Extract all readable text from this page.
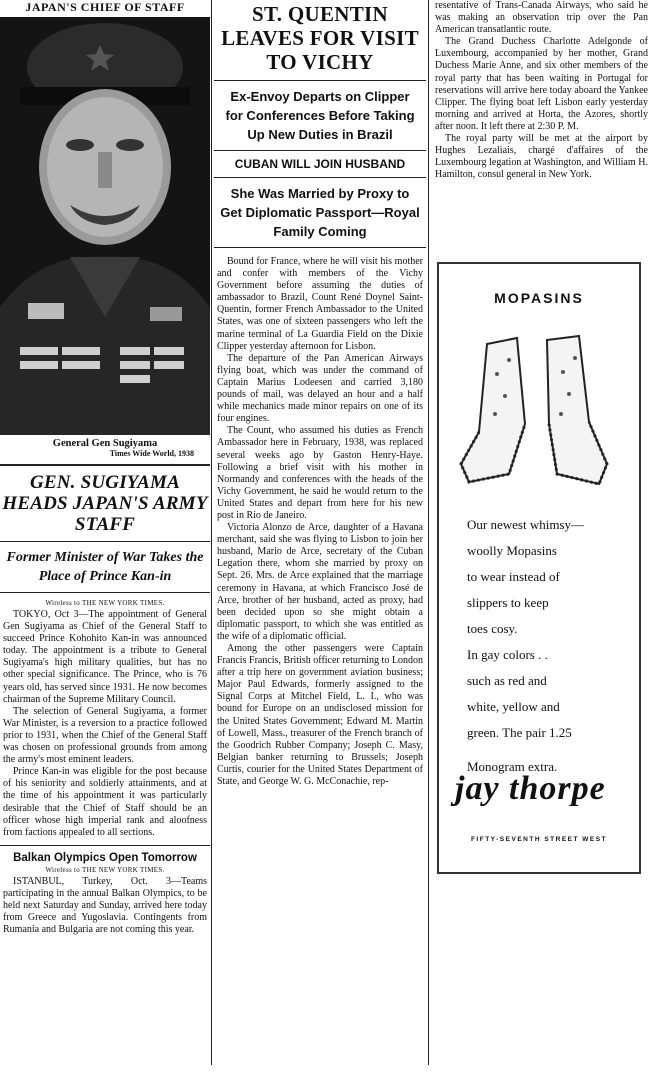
JAPAN'S CHIEF OF STAFF
General Gen Sugiyama
Times Wide World, 1938
GEN. SUGIYAMA HEADS JAPAN'S ARMY STAFF
Former Minister of War Takes the Place of Prince Kan-in
Wireless to THE NEW YORK TIMES.

TOKYO, Oct 3—The appointment of General Gen Sugiyama as Chief of the General Staff to succeed Prince Kohohito Kan-in was announced today. The appointment is a tribute to General Sugiyama's high military qualities, but has no other special significance. The Prince, who is 76 years old, has served since 1931. He now becomes chairman of the Supreme Military Council.

The selection of General Sugiyama, a former War Minister, is a reversion to a practice followed prior to 1931, when the Chief of the General Staff was chosen on professional grounds from among the army's most eminent leaders.

Prince Kan-in was eligible for the post because of his seniority and soldierly attainments, and at the time of his appointment it was particularly desirable that the Chief of Staff should be an officer whose high imperial rank and aloofness from factions appealed to all sections.

Balkan Olympics Open Tomorrow
Wireless to THE NEW YORK TIMES.

ISTANBUL, Turkey, Oct. 3—Teams participating in the annual Balkan Olympics, to be held next Saturday and Sunday, arrived here today from Greece and Yugoslavia. Contingents from Rumania and Bulgaria are not coming this year.

ST. QUENTIN LEAVES FOR VISIT TO VICHY
Ex-Envoy Departs on Clipper for Conferences Before Taking Up New Duties in Brazil
CUBAN WILL JOIN HUSBAND
She Was Married by Proxy to Get Diplomatic Passport—Royal Family Coming

Bound for France, where he will visit his mother and confer with members of the Vichy Government before assuming the duties of ambassador to Brazil, Count René Doynel Saint-Quentin, former French Ambassador to the United States, was one of sixteen passengers who left the marine terminal of La Guardia Field on the Dixie Clipper yesterday afternoon for Lisbon.

The departure of the Pan American Airways flying boat, which was under the command of Captain Marius Lodeesen and carried 3,180 pounds of mail, was delayed an hour and a half while mechanics made minor repairs on one of its four engines.

The Count, who assumed his duties as French Ambassador here in February, 1938, was replaced several weeks ago by Gaston Henry-Haye. Following a brief visit with his mother in Normandy and conferences with the heads of the Vichy Government, he said he would return to the United States and depart from here for his new post in Rio de Janeiro.

Victoria Alonzo de Arce, daughter of a Havana merchant, said she was flying to Lisbon to join her husband, Mario de Arce, secretary of the Cuban Legation there, whom she married by proxy on Sept. 26. Mrs. de Arce explained that the marriage ceremony in Havana, at which Francisco José de Arce, brother of her husband, acted as proxy, had been decided upon so she might obtain a diplomatic passport, to which she was entitled as the wife of a diplomatic official.

Among the other passengers were Captain Francis Francis, British officer returning to London after a trip here on government aviation business; Major Paul Edwards, formerly assigned to the Signal Corps at Mitchel Field, L. I., who was bound for Europe on an undisclosed mission for the United States Government; Edward M. Martin of Lowell, Mass., treasurer of the French branch of the Goodrich Rubber Company; Joseph C. Masy, Belgian banker returning to Brussels; Joseph Curtis, courier for the United States Department of State, and George W. G. McConachie, rep-

resentative of Trans-Canada Airways, who said he was making an observation trip over the Pan American transatlantic route.

The Grand Duchess Charlotte Adelgonde of Luxembourg, accompanied by her mother, Grand Duchess Marie Anne, and six other members of the royal party that has been waiting in Portugal for reservations will arrive here today aboard the Yankee Clipper. The flying boat left Lisbon early yesterday morning and arrived at Horta, the Azores, shortly after noon. It left there at 2:30 P. M.

The royal party will be met at the airport by Hughes Lezaliais, chargé d'affaires of the Luxembourg legation at Washington, and William H. Hamilton, consul general in New York.

MOPASINS
Our newest whimsy—
woolly Mopasins
to wear instead of
slippers to keep
toes cosy.
In gay colors . .
such as red and
white, yellow and
green. The pair 1.25
Monogram extra.
jay thorpe
FIFTY-SEVENTH STREET WEST
